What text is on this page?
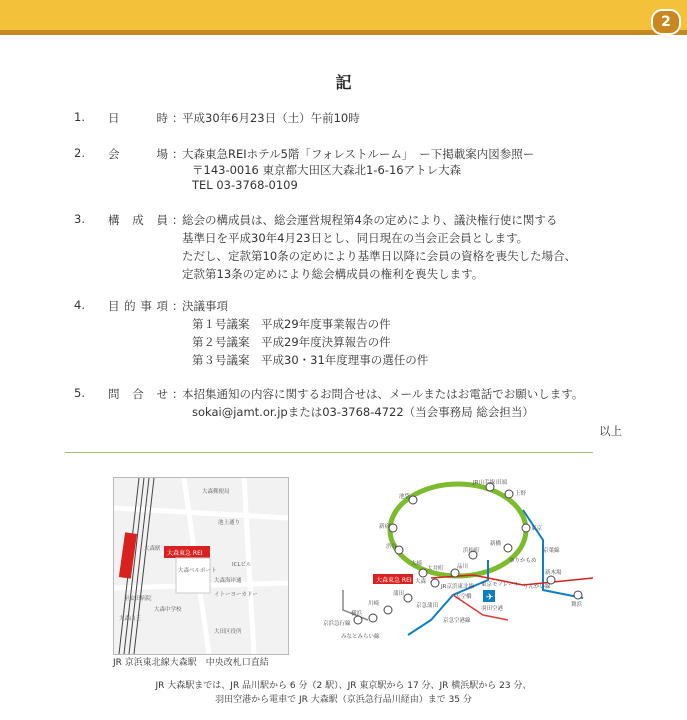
2
記
1.	日	時 ：
平成30年6月23日（土）午前10時
2.	会	場 ：
大森東急REIホテル5階「フォレストルーム」　ー下掲載案内図参照ー
〒143-0016 東京都大田区大森北1-6-16アトレ大森
TEL 03-3768-0109
3.	構 成 員 ：
総会の構成員は、総会運営規程第4条の定めにより、議決権行使に関する
基準日を平成30年4月23日とし、同日現在の当会正会員とします。
ただし、定款第10条の定めにより基準日以降に会員の資格を喪失した場合、
定款第13条の定めにより総会構成員の権利を喪失します。
4.	目 的 事 項 ：
決議事項
第１号議案　平成29年度事業報告の件
第２号議案　平成29年度決算報告の件
第３号議案　平成30・31年度理事の選任の件
5.	問 合 せ ：
本招集通知の内容に関するお問合せは、メールまたはお電話でお願いします。
sokai@jamt.or.jpまたは03-3768-4722（当会事務局 総会担当）
以上
大森東急 REI
大森ベルポート
ICLビル
大森海岸通
イトーヨーカドー
大森郵便局
池上通り
大森駅
至安田病院
大森山王
大森中学校
大田区役所
JR 京浜東北線大森駅　中央改札口直結
大森東急 REI
✈
JR山手線 田端
上野
池袋
東京
新宿
渋谷
浜松町
品川
大崎
大井町
大森
蒲田
川崎
横浜
京急蒲田
天空橋
羽田空港
新木場
舞浜
新橋
ゆりかもめ
京葉線
JR京浜東北線 東京モノレール
京急空港線
りんかい線
京浜急行線
みなとみらい線
JR 大森駅までは、JR 品川駅から 6 分（2 駅）、JR 東京駅から 17 分、JR 横浜駅から 23 分、
羽田空港から電車で JR 大森駅（京浜急行品川経由）まで 35 分
